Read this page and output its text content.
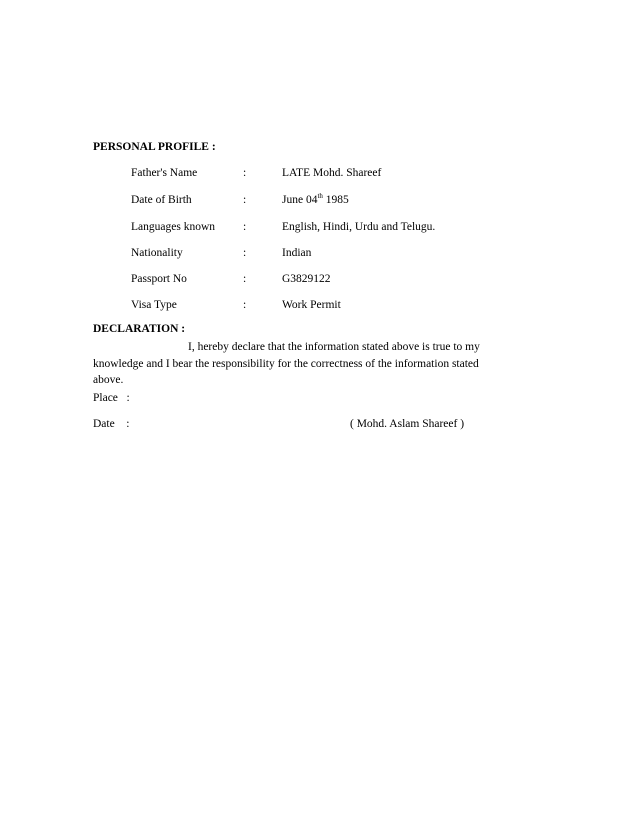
PERSONAL PROFILE :
Father's Name	:	LATE Mohd. Shareef
Date of Birth	:	June 04th 1985
Languages known :	English, Hindi, Urdu and Telugu.
Nationality	:	Indian
Passport No	:	G3829122
Visa Type	:	Work Permit
DECLARATION :
I, hereby declare that the information stated above is true to my knowledge and I bear the responsibility for the correctness of the information stated above.
Place   :
Date    :	( Mohd. Aslam Shareef )
